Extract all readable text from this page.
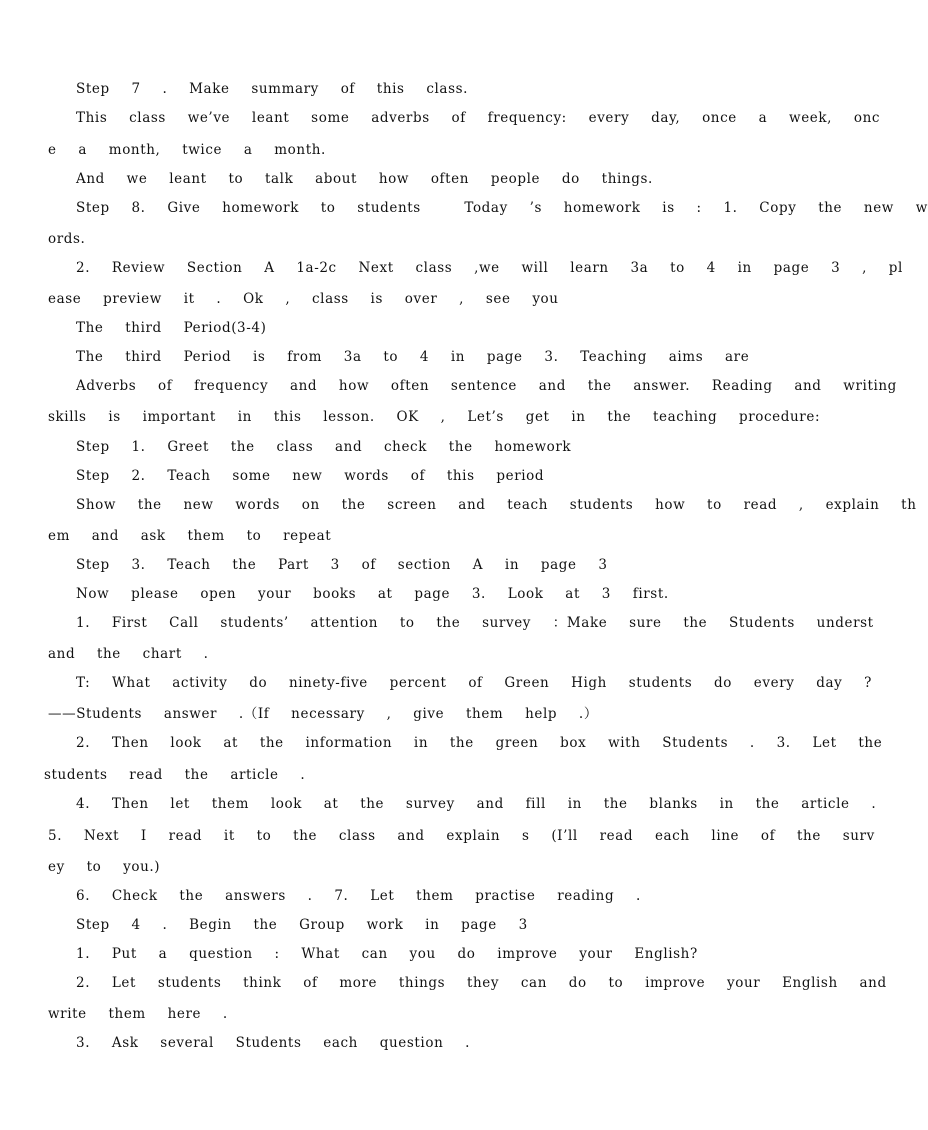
Step  7  .  Make  summary  of  this  class.
This  class  we’ve  leant  some  adverbs  of  frequency:  every  day,  once  a  week,  onc
e  a  month,  twice  a  month.
And  we  leant  to  talk  about  how  often  people  do  things.
Step  8.  Give  homework  to  students    Today  ’s  homework  is  :  1.  Copy  the  new  w
ords.
2.  Review  Section  A  1a-2c  Next  class  ,we  will  learn  3a  to  4  in  page  3  ,  pl
ease  preview  it  .  Ok  ,  class  is  over  ,  see  you
The  third  Period(3-4)
The  third  Period  is  from  3a  to  4  in  page  3.  Teaching  aims  are
Adverbs  of  frequency  and  how  often  sentence  and  the  answer.  Reading  and  writing
skills  is  important  in  this  lesson.  OK  ,  Let’s  get  in  the  teaching  procedure:
Step  1.  Greet  the  class  and  check  the  homework
Step  2.  Teach  some  new  words  of  this  period
Show  the  new  words  on  the  screen  and  teach  students  how  to  read  ,  explain  th
em  and  ask  them  to  repeat
Step  3.  Teach  the  Part  3  of  section  A  in  page  3
Now  please  open  your  books  at  page  3.  Look  at  3  first.
1.  First  Call  students’  attention  to  the  survey  ：Make  sure  the  Students  underst
and  the  chart  .
T:  What  activity  do  ninety-five  percent  of  Green  High  students  do  every  day  ?
——Students  answer  .（If  necessary  ,  give  them  help  .）
2.  Then  look  at  the  information  in  the  green  box  with  Students  .  3.  Let  the
students  read  the  article  .
4.  Then  let  them  look  at  the  survey  and  fill  in  the  blanks  in  the  article  .
5.  Next  I  read  it  to  the  class  and  explain  s  (I’ll  read  each  line  of  the  surv
ey  to  you.)
6.  Check  the  answers  .  7.  Let  them  practise  reading  .
Step  4  .  Begin  the  Group  work  in  page  3
1.  Put  a  question  :  What  can  you  do  improve  your  English?
2.  Let  students  think  of  more  things  they  can  do  to  improve  your  English  and
write  them  here  .
3.  Ask  several  Students  each  question  .
